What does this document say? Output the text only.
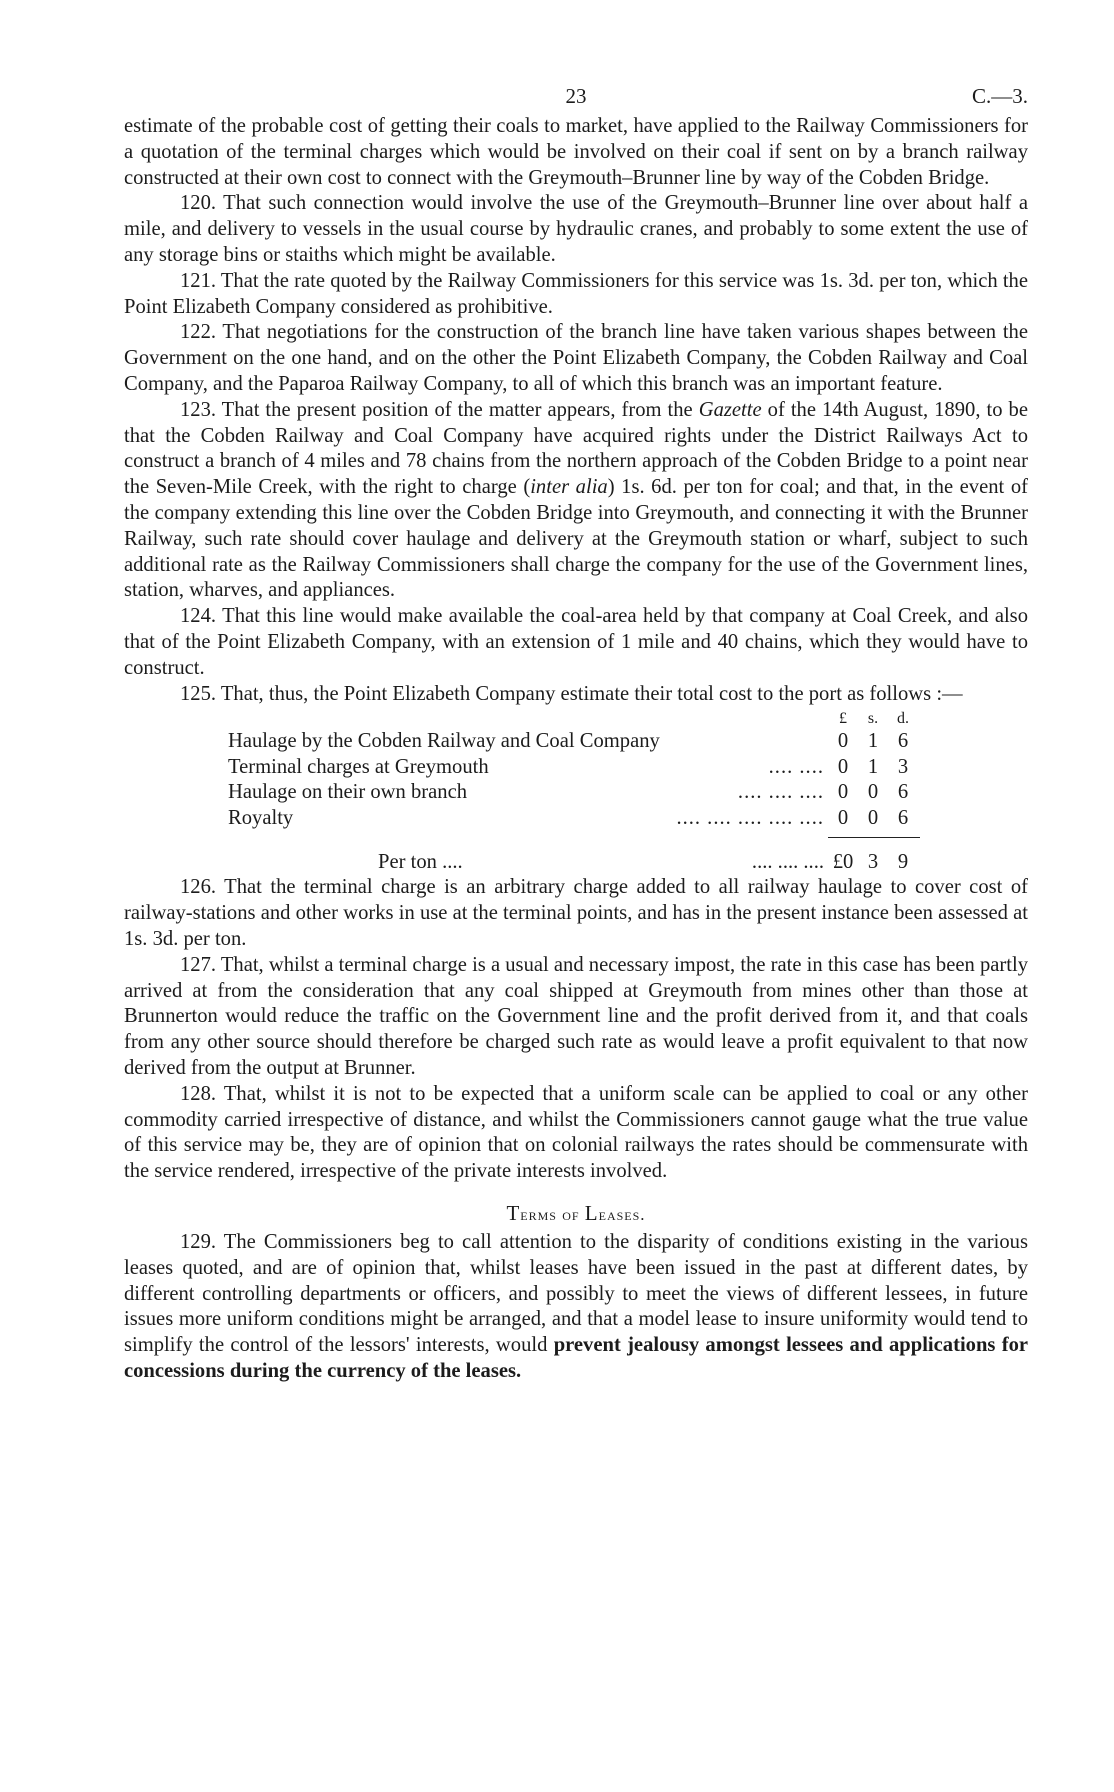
23	C.—3.

estimate of the probable cost of getting their coals to market, have applied to the Railway Commissioners for a quotation of the terminal charges which would be involved on their coal if sent on by a branch railway constructed at their own cost to connect with the Greymouth–Brunner line by way of the Cobden Bridge.

120. That such connection would involve the use of the Greymouth–Brunner line over about half a mile, and delivery to vessels in the usual course by hydraulic cranes, and probably to some extent the use of any storage bins or staiths which might be available.

121. That the rate quoted by the Railway Commissioners for this service was 1s. 3d. per ton, which the Point Elizabeth Company considered as prohibitive.

122. That negotiations for the construction of the branch line have taken various shapes between the Government on the one hand, and on the other the Point Elizabeth Company, the Cobden Railway and Coal Company, and the Paparoa Railway Company, to all of which this branch was an important feature.

123. That the present position of the matter appears, from the Gazette of the 14th August, 1890, to be that the Cobden Railway and Coal Company have acquired rights under the District Railways Act to construct a branch of 4 miles and 78 chains from the northern approach of the Cobden Bridge to a point near the Seven-Mile Creek, with the right to charge (inter alia) 1s. 6d. per ton for coal; and that, in the event of the company extending this line over the Cobden Bridge into Greymouth, and connecting it with the Brunner Railway, such rate should cover haulage and delivery at the Greymouth station or wharf, subject to such additional rate as the Railway Commissioners shall charge the company for the use of the Government lines, station, wharves, and appliances.

124. That this line would make available the coal-area held by that company at Coal Creek, and also that of the Point Elizabeth Company, with an extension of 1 mile and 40 chains, which they would have to construct.

125. That, thus, the Point Elizabeth Company estimate their total cost to the port as follows :—

£	s.	d.
Haulage by the Cobden Railway and Coal Company	0 1 6
Terminal charges at Greymouth	.... .... 0 1 3
Haulage on their own branch	.... .... .... 0 0 6
Royalty	.... .... .... .... .... 0 0 6
Per ton ....	.... .... .... £0 3 9

126. That the terminal charge is an arbitrary charge added to all railway haulage to cover cost of railway-stations and other works in use at the terminal points, and has in the present instance been assessed at 1s. 3d. per ton.

127. That, whilst a terminal charge is a usual and necessary impost, the rate in this case has been partly arrived at from the consideration that any coal shipped at Greymouth from mines other than those at Brunnerton would reduce the traffic on the Government line and the profit derived from it, and that coals from any other source should therefore be charged such rate as would leave a profit equivalent to that now derived from the output at Brunner.

128. That, whilst it is not to be expected that a uniform scale can be applied to coal or any other commodity carried irrespective of distance, and whilst the Commissioners cannot gauge what the true value of this service may be, they are of opinion that on colonial railways the rates should be commensurate with the service rendered, irrespective of the private interests involved.

Terms of Leases.

129. The Commissioners beg to call attention to the disparity of conditions existing in the various leases quoted, and are of opinion that, whilst leases have been issued in the past at different dates, by different controlling departments or officers, and possibly to meet the views of different lessees, in future issues more uniform conditions might be arranged, and that a model lease to insure uniformity would tend to simplify the control of the lessors' interests, would prevent jealousy amongst lessees and applications for concessions during the currency of the leases.
